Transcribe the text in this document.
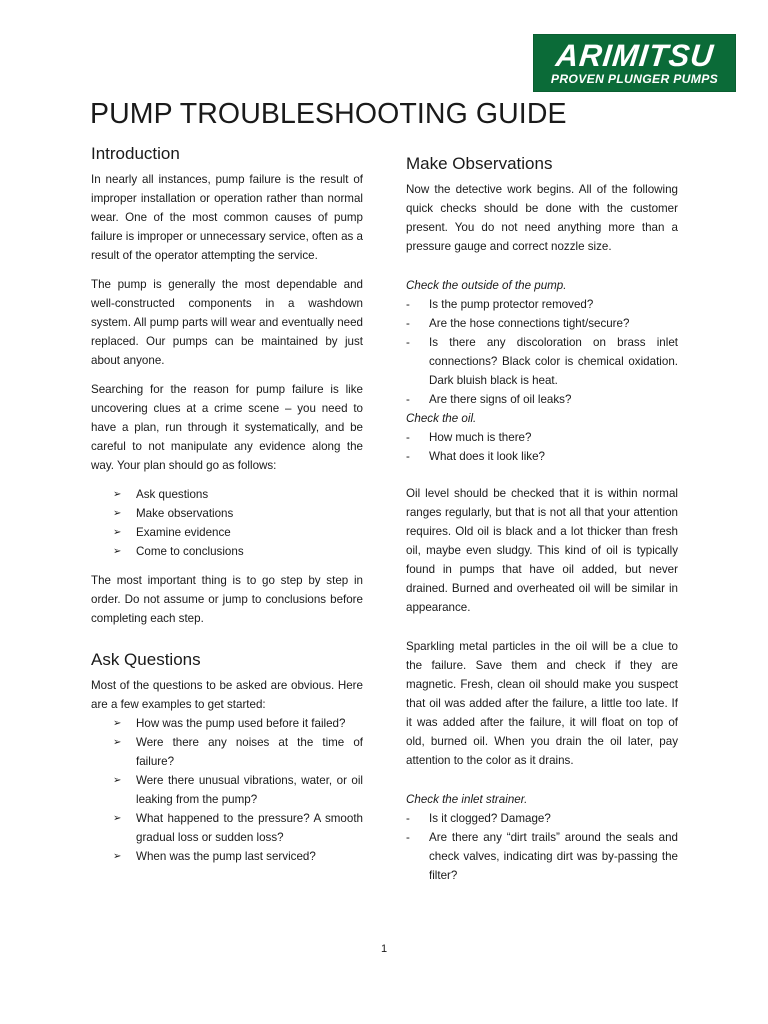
ARIMITSU
PROVEN PLUNGER PUMPS
PUMP TROUBLESHOOTING GUIDE
Introduction

In nearly all instances, pump failure is the result of improper installation or operation rather than normal wear. One of the most common causes of pump failure is improper or unnecessary service, often as a result of the operator attempting the service.

The pump is generally the most dependable and well-constructed components in a washdown system. All pump parts will wear and eventually need replaced. Our pumps can be maintained by just about anyone.

Searching for the reason for pump failure is like uncovering clues at a crime scene – you need to have a plan, run through it systematically, and be careful to not manipulate any evidence along the way. Your plan should go as follows:

➢ Ask questions
➢ Make observations
➢ Examine evidence
➢ Come to conclusions

The most important thing is to go step by step in order. Do not assume or jump to conclusions before completing each step.

Ask Questions

Most of the questions to be asked are obvious. Here are a few examples to get started:

➢ How was the pump used before it failed?
➢ Were there any noises at the time of failure?
➢ Were there unusual vibrations, water, or oil leaking from the pump?
➢ What happened to the pressure? A smooth gradual loss or sudden loss?
➢ When was the pump last serviced?
Make Observations

Now the detective work begins. All of the following quick checks should be done with the customer present. You do not need anything more than a pressure gauge and correct nozzle size.

Check the outside of the pump.
- Is the pump protector removed?
- Are the hose connections tight/secure?
- Is there any discoloration on brass inlet connections? Black color is chemical oxidation. Dark bluish black is heat.
- Are there signs of oil leaks?
Check the oil.
- How much is there?
- What does it look like?

Oil level should be checked that it is within normal ranges regularly, but that is not all that your attention requires. Old oil is black and a lot thicker than fresh oil, maybe even sludgy. This kind of oil is typically found in pumps that have oil added, but never drained. Burned and overheated oil will be similar in appearance.

Sparkling metal particles in the oil will be a clue to the failure. Save them and check if they are magnetic. Fresh, clean oil should make you suspect that oil was added after the failure, a little too late. If it was added after the failure, it will float on top of old, burned oil. When you drain the oil later, pay attention to the color as it drains.

Check the inlet strainer.
- Is it clogged? Damage?
- Are there any “dirt trails” around the seals and check valves, indicating dirt was by-passing the filter?
1
